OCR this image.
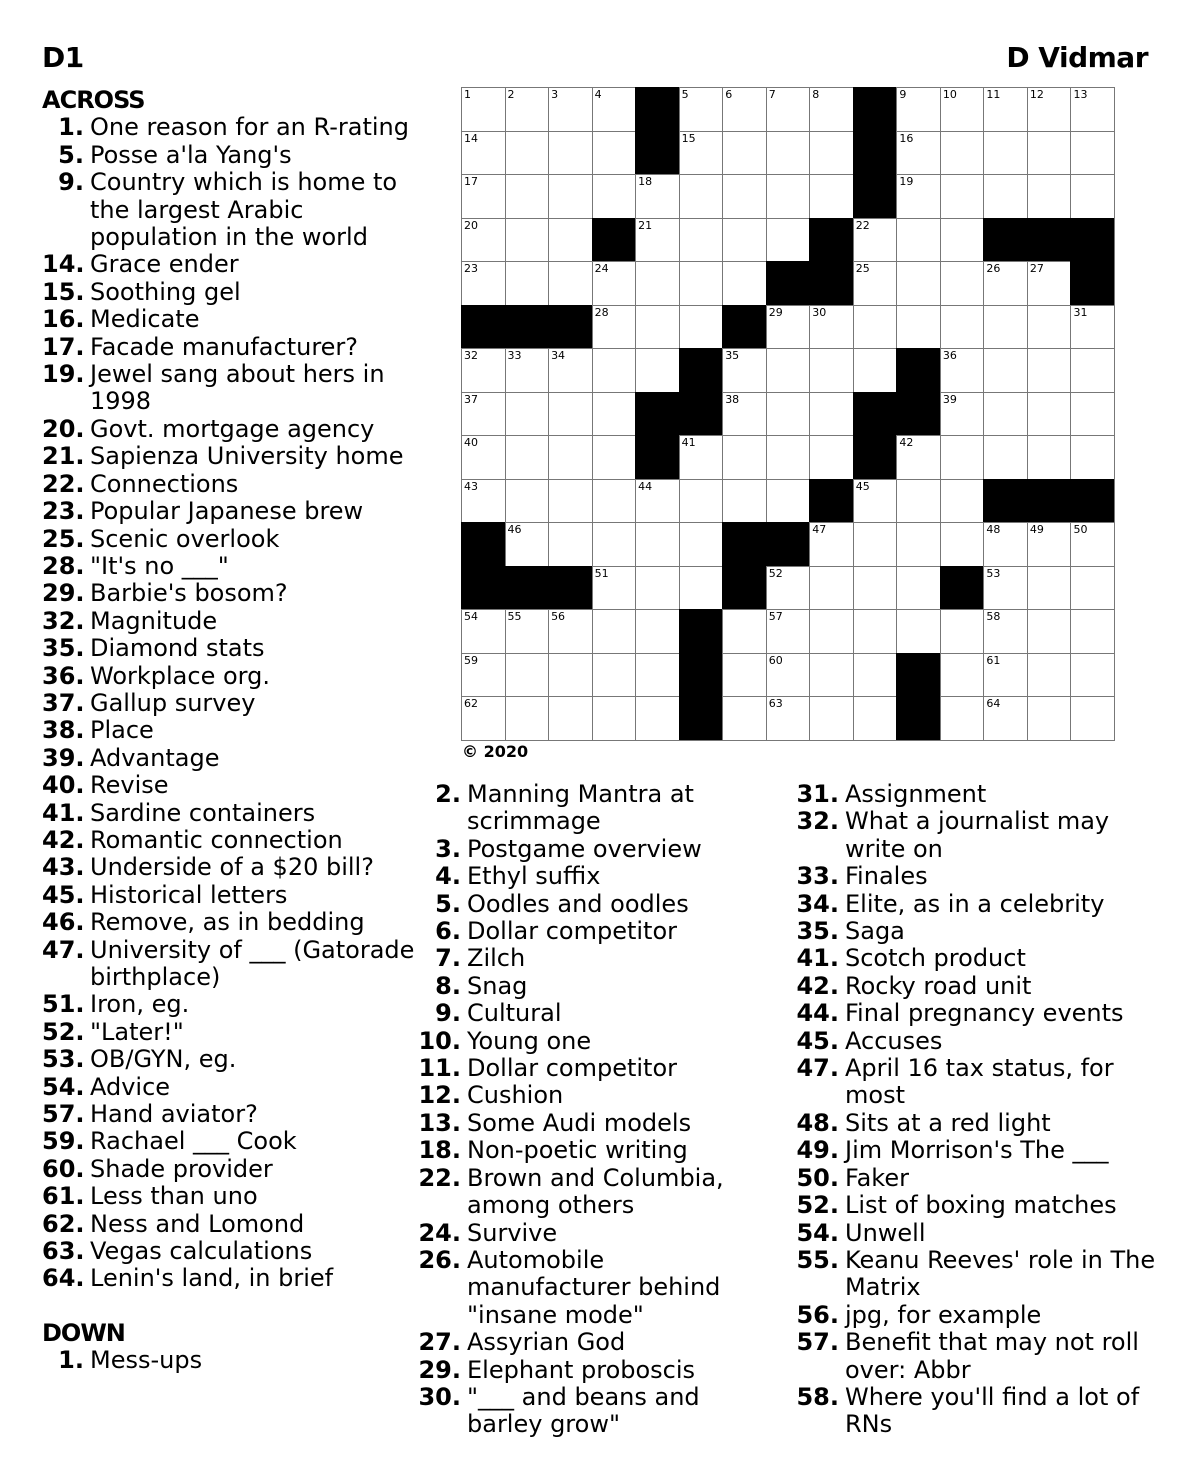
D1	D Vidmar
ACROSS
1. One reason for an R-rating
5. Posse a'la Yang's
9. Country which is home to the largest Arabic population in the world
14. Grace ender
15. Soothing gel
16. Medicate
17. Facade manufacturer?
19. Jewel sang about hers in 1998
20. Govt. mortgage agency
21. Sapienza University home
22. Connections
23. Popular Japanese brew
25. Scenic overlook
28. "It's no ___"
29. Barbie's bosom?
32. Magnitude
35. Diamond stats
36. Workplace org.
37. Gallup survey
38. Place
39. Advantage
40. Revise
41. Sardine containers
42. Romantic connection
43. Underside of a $20 bill?
45. Historical letters
46. Remove, as in bedding
47. University of ___ (Gatorade birthplace)
51. Iron, eg.
52. "Later!"
53. OB/GYN, eg.
54. Advice
57. Hand aviator?
59. Rachael ___ Cook
60. Shade provider
61. Less than uno
62. Ness and Lomond
63. Vegas calculations
64. Lenin's land, in brief
DOWN
1. Mess-ups
1	2	3	4	5	6	7	8	9	10	11	12	13
14	15	16
17	18	19
20	21	22
23	24	25	26	27
28	29	30	31
32	33	34	35	36
37	38	39
40	41	42
43	44	45
46	47	48	49	50
51	52	53
54	55	56	57	58
59	60	61
62	63	64
© 2020
2. Manning Mantra at scrimmage
3. Postgame overview
4. Ethyl suffix
5. Oodles and oodles
6. Dollar competitor
7. Zilch
8. Snag
9. Cultural
10. Young one
11. Dollar competitor
12. Cushion
13. Some Audi models
18. Non-poetic writing
22. Brown and Columbia, among others
24. Survive
26. Automobile manufacturer behind "insane mode"
27. Assyrian God
29. Elephant proboscis
30. "___ and beans and barley grow"
31. Assignment
32. What a journalist may write on
33. Finales
34. Elite, as in a celebrity
35. Saga
41. Scotch product
42. Rocky road unit
44. Final pregnancy events
45. Accuses
47. April 16 tax status, for most
48. Sits at a red light
49. Jim Morrison's The ___
50. Faker
52. List of boxing matches
54. Unwell
55. Keanu Reeves' role in The Matrix
56. jpg, for example
57. Benefit that may not roll over: Abbr
58. Where you'll find a lot of RNs
